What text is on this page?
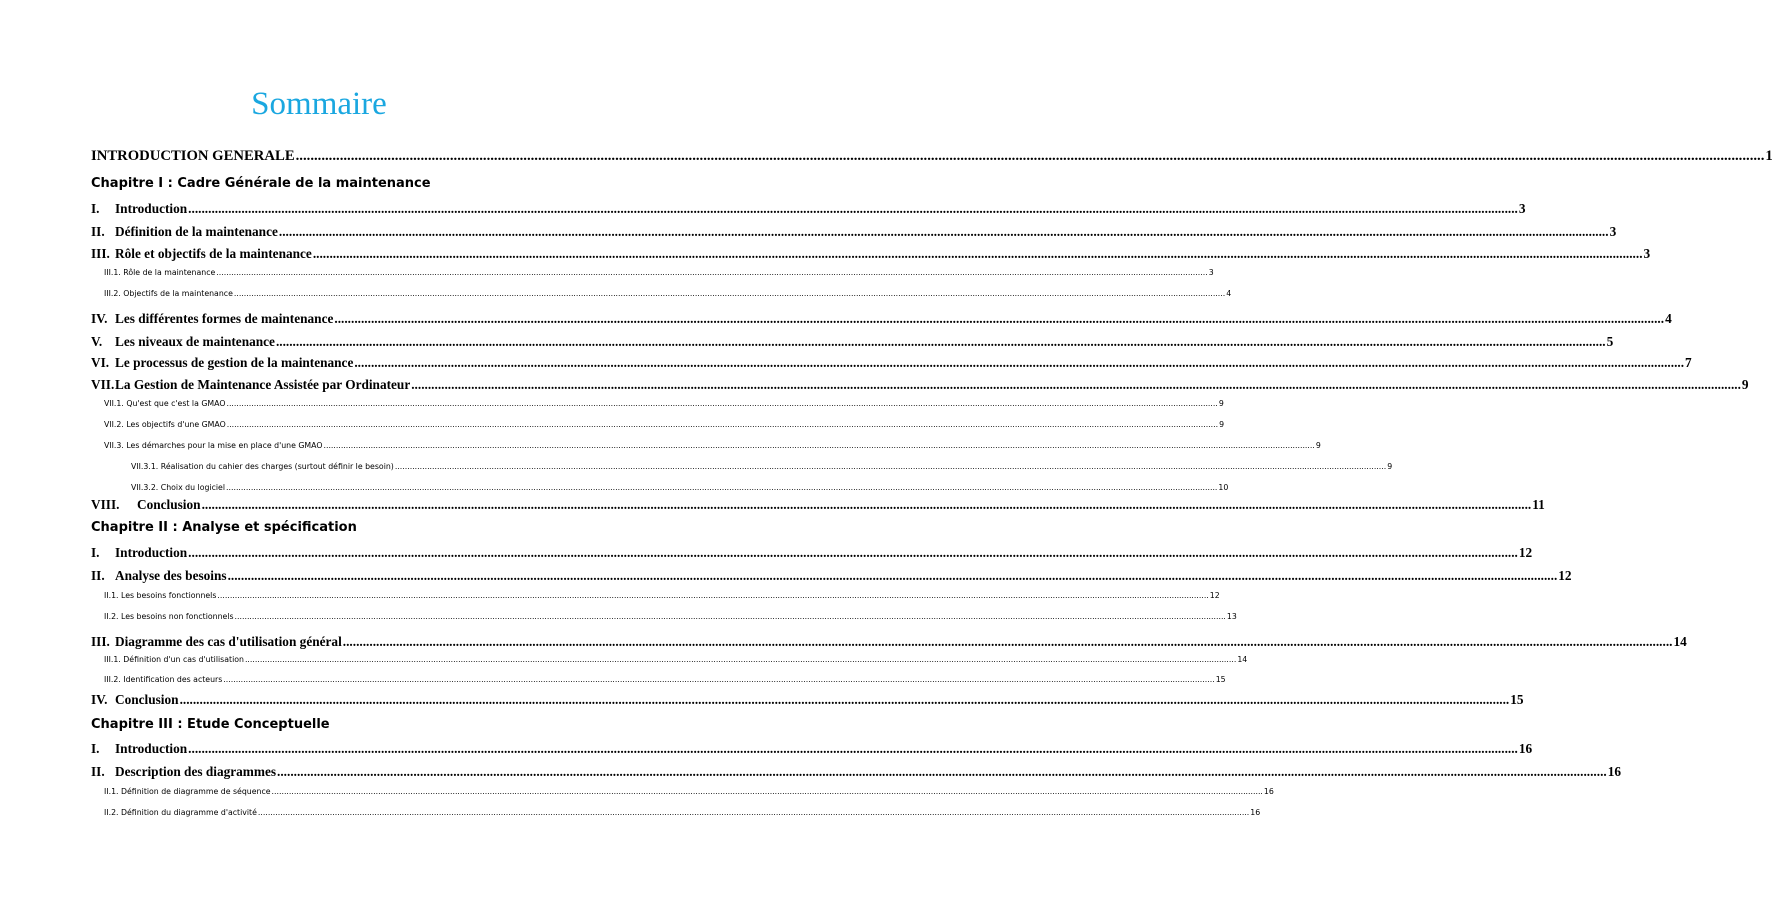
Sommaire
INTRODUCTION GENERALE ................................................................................................................................................................................................................................................................................................................................................................................................................ 1
Chapitre I : Cadre Générale de la maintenance
I. Introduction ................................................................................................................................................................................................................................................................................................................................................................................................................ 3
II. Définition de la maintenance ................................................................................................................................................................................................................................................................................................................................................................................................................ 3
III. Rôle et objectifs de la maintenance ................................................................................................................................................................................................................................................................................................................................................................................................................ 3
III.1. Rôle de la maintenance ................................................................................................................................................................................................................................................................................................................................................................................................................ 3
III.2. Objectifs de la maintenance ................................................................................................................................................................................................................................................................................................................................................................................................................ 4
IV. Les différentes formes de maintenance ................................................................................................................................................................................................................................................................................................................................................................................................................ 4
V. Les niveaux de maintenance ................................................................................................................................................................................................................................................................................................................................................................................................................ 5
VI. Le processus de gestion de la maintenance ................................................................................................................................................................................................................................................................................................................................................................................................................ 7
VII.La Gestion de Maintenance Assistée par Ordinateur ................................................................................................................................................................................................................................................................................................................................................................................................................ 9
VII.1. Qu'est que c'est la GMAO ................................................................................................................................................................................................................................................................................................................................................................................................................ 9
VII.2. Les objectifs d'une GMAO ................................................................................................................................................................................................................................................................................................................................................................................................................ 9
VII.3. Les démarches pour la mise en place d'une GMAO ................................................................................................................................................................................................................................................................................................................................................................................................................ 9
VII.3.1. Réalisation du cahier des charges (surtout définir le besoin) ................................................................................................................................................................................................................................................................................................................................................................................................................ 9
VII.3.2. Choix du logiciel ................................................................................................................................................................................................................................................................................................................................................................................................................ 10
VIII. Conclusion ................................................................................................................................................................................................................................................................................................................................................................................................................ 11
Chapitre II : Analyse et spécification
I. Introduction ................................................................................................................................................................................................................................................................................................................................................................................................................ 12
II. Analyse des besoins ................................................................................................................................................................................................................................................................................................................................................................................................................ 12
II.1. Les besoins fonctionnels ................................................................................................................................................................................................................................................................................................................................................................................................................ 12
II.2. Les besoins non fonctionnels ................................................................................................................................................................................................................................................................................................................................................................................................................ 13
III. Diagramme des cas d'utilisation général ................................................................................................................................................................................................................................................................................................................................................................................................................ 14
III.1. Définition d'un cas d'utilisation ................................................................................................................................................................................................................................................................................................................................................................................................................ 14
III.2. Identification des acteurs ................................................................................................................................................................................................................................................................................................................................................................................................................ 15
IV. Conclusion ................................................................................................................................................................................................................................................................................................................................................................................................................ 15
Chapitre III : Etude Conceptuelle
I. Introduction ................................................................................................................................................................................................................................................................................................................................................................................................................ 16
II. Description des diagrammes ................................................................................................................................................................................................................................................................................................................................................................................................................ 16
II.1. Définition de diagramme de séquence ................................................................................................................................................................................................................................................................................................................................................................................................................ 16
II.2. Définition du diagramme d'activité ................................................................................................................................................................................................................................................................................................................................................................................................................ 16
